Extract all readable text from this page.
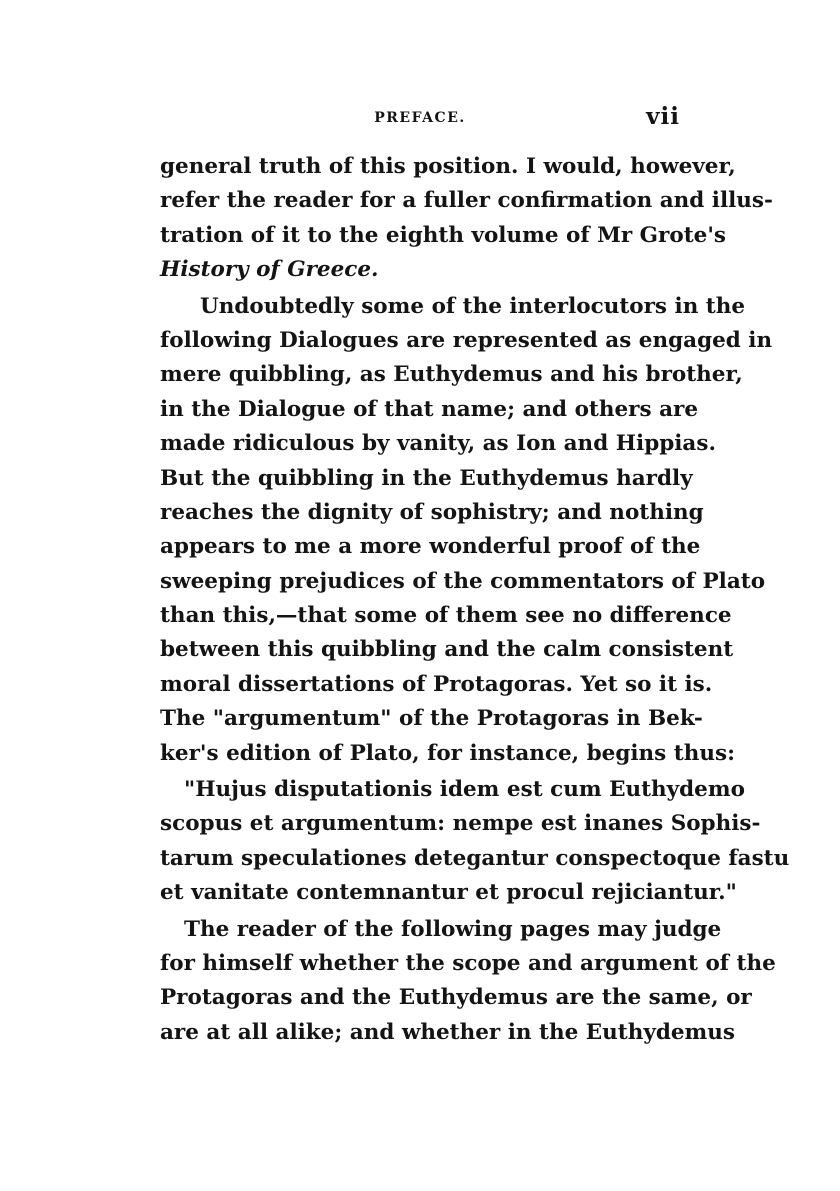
PREFACE.	vii
general truth of this position. I would, however,
refer the reader for a fuller confirmation and illus-
tration of it to the eighth volume of Mr Grote's
History of Greece.
Undoubtedly some of the interlocutors in the
following Dialogues are represented as engaged in
mere quibbling, as Euthydemus and his brother,
in the Dialogue of that name; and others are
made ridiculous by vanity, as Ion and Hippias.
But the quibbling in the Euthydemus hardly
reaches the dignity of sophistry; and nothing
appears to me a more wonderful proof of the
sweeping prejudices of the commentators of Plato
than this,—that some of them see no difference
between this quibbling and the calm consistent
moral dissertations of Protagoras. Yet so it is.
The "argumentum" of the Protagoras in Bek-
ker's edition of Plato, for instance, begins thus:
"Hujus disputationis idem est cum Euthydemo
scopus et argumentum: nempe est inanes Sophis-
tarum speculationes detegantur conspectoque fastu
et vanitate contemnantur et procul rejiciantur."
The reader of the following pages may judge
for himself whether the scope and argument of the
Protagoras and the Euthydemus are the same, or
are at all alike; and whether in the Euthydemus
